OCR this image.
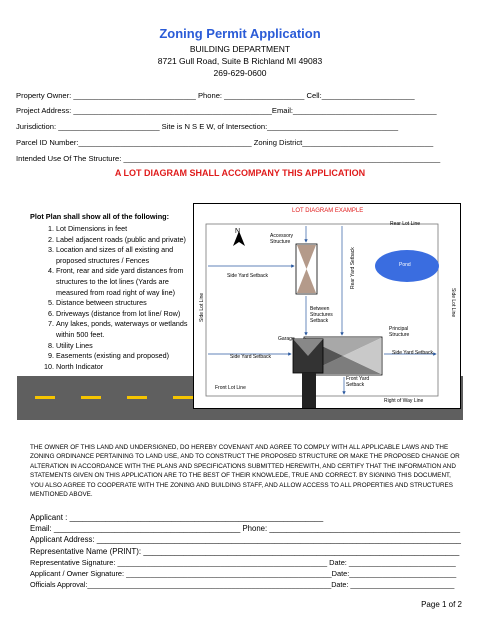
Zoning Permit Application
BUILDING DEPARTMENT
8721 Gull Road, Suite B Richland MI 49083
269-629-0600
Property Owner: _____________________________ Phone: ___________________ Cell:______________________
Project Address: _______________________________________________Email:__________________________________
Jurisdiction: ________________________ Site is N S E W, of Intersection:_______________________________
Parcel ID Number:_________________________________________ Zoning District_______________________________
Intended Use Of The Structure: ___________________________________________________________________________
A LOT DIAGRAM SHALL ACCOMPANY THIS APPLICATION
Plot Plan shall show all of the following:
1. Lot Dimensions in feet
2. Label adjacent roads (public and private)
3. Location and sizes of all existing and proposed structures / Fences
4. Front, rear and side yard distances from structures to the lot lines (Yards are measured from road right of way line)
5. Distance between structures
6. Driveways (distance from lot line/ Row)
7. Any lakes, ponds, waterways or wetlands within 500 feet.
8. Utility Lines
9. Easements (existing and proposed)
10. North Indicator
LOT DIAGRAM EXAMPLE
N
Accessory Structure
Rear Lot Line
Rear Yard Setback	Pond
Side Yard Setback
Side Lot Line	Side Lot Line
Between Structures Setback
Garage
Principal Structure
Side Yard Setback
Side Yard Setback
Front Yard Setback
Front Lot Line
Right of Way Line
THE OWNER OF THIS LAND AND UNDERSIGNED, DO HEREBY COVENANT AND AGREE TO COMPLY WITH ALL APPLICABLE LAWS AND THE ZONING ORDINANCE PERTAINING TO LAND USE, AND TO CONSTRUCT THE PROPOSED STRUCTURE OR MAKE THE PROPOSED CHANGE OR ALTERATION IN ACCORDANCE WITH THE PLANS AND SPECIFICATIONS SUBMITTED HEREWITH, AND CERTIFY THAT THE INFORMATION AND STATEMENTS GIVEN ON THIS APPLICATION ARE TO THE BEST OF THEIR KNOWLEDE, TRUE AND CORRECT. BY SIGNING THIS DOCUMENT, YOU ALSO AGREE TO COOPERATE WITH THE ZONING AND BUILDING STAFF, AND ALLOW ACCESS TO ALL PROPERTIES AND STRUCTURES MENTIONED ABOVE.
Applicant : _________________________________________________________
Email: ___________________________________________ Phone: ____________________________________________
Applicant Address: ____________________________________________________________________________________
Representative Name (PRINT): _______________________________________________________________________
Representative Signature: ___________________________________________________ Date: __________________________
Applicant / Owner Signature: __________________________________________________Date:__________________________
Officials Approval:_____________________________________________________________Date: __________________________
Page 1 of 2
